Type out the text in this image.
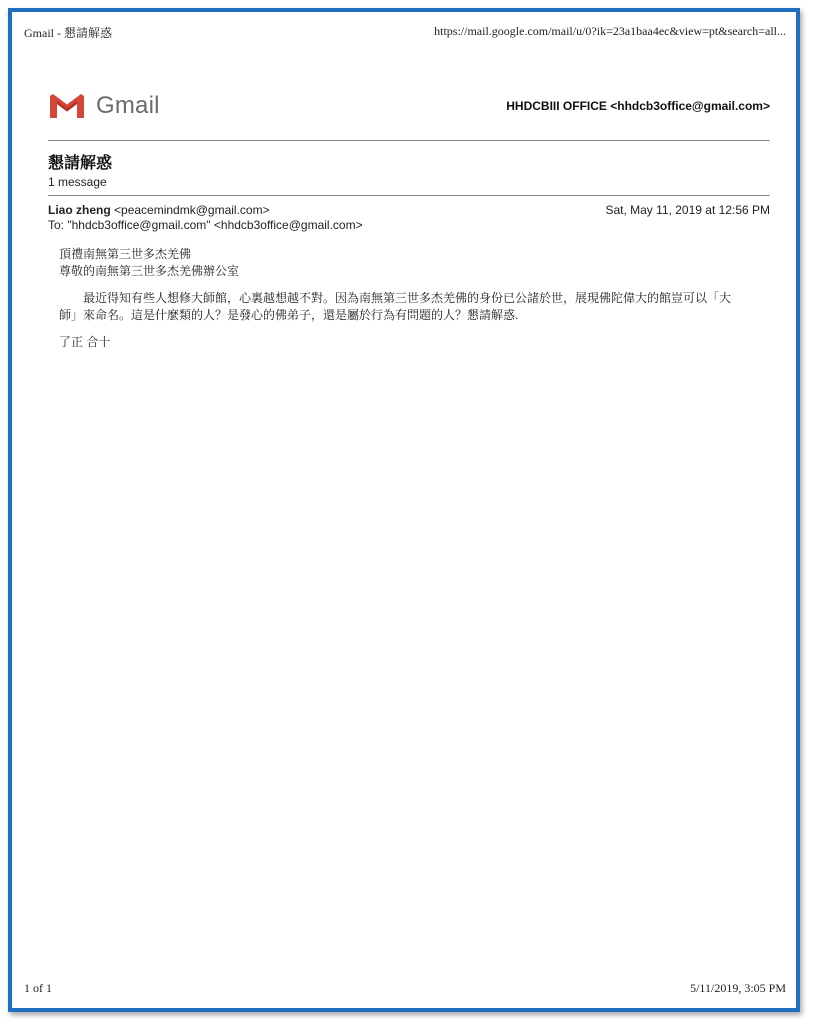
Gmail - 懇請解惑	https://mail.google.com/mail/u/0?ik=23a1baa4ec&view=pt&search=all...
Gmail	HHDCBIII OFFICE <hhdcb3office@gmail.com>
懇請解惑
1 message
Liao zheng <peacemindmk@gmail.com>	Sat, May 11, 2019 at 12:56 PM
To: "hhdcb3office@gmail.com" <hhdcb3office@gmail.com>
頂禮南無第三世多杰羌佛
尊敬的南無第三世多杰羌佛辦公室
最近得知有些人想修大師館，心裏越想越不對。因為南無第三世多杰羌佛的身份已公諸於世，展現佛陀偉大的館豈可以「大師」來命名。這是什麼類的人？是發心的佛弟子，還是屬於行為有問題的人？懇請解惑.
了正 合十
1 of 1	5/11/2019, 3:05 PM
